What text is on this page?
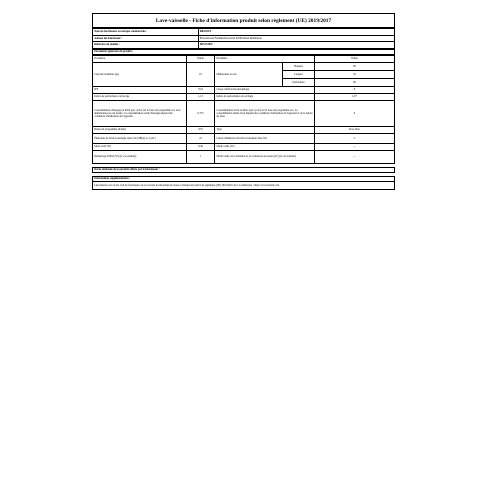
Lave-vaisselle - Fiche d'information produit selon règlement (UE) 2019/2017
Nom du fournisseur ou marque commerciale :	BRANDT
Adresse du fournisseur :	80 boulevard Franklin Roosevelt 92500 Rueil Malmaison
Référence du modèle :	BFS1010W
Paramètres généraux du produit :
Paramètre	Valeur	Paramètre		Valeur
Capacité nominale (ps)	10	Dimensions en cm	Hauteur	85
			Largeur	45
			Profondeur	60
IEE	55,9	Classe d'efficacité énergétique		E
Indice de performance de lavage	1,13	Indice de performance de séchage		1,07
Consommation d'énergie en kWh [par cycle] sur la base du programme eco avec alimentation en eau froide. La consommation réelle d'énergie dépend des conditions d'utilisation de l'appareil.	0,753	Consommation d'eau en litres [par cycle] sur la base du programme eco. La consommation réelle d'eau dépend des conditions d'utilisation de l'appareil et de la dureté de l'eau.		9
Durée du programme (h:min)	3:55	Type		Pose libre
Émissions de bruit acoustique dans l'air [dB(A) re 1 pW]	47	Classe d'émission de bruit acoustique dans l'air		C
Mode arrêt (W)	0,49	Mode veille (W)		—
Démarrage différé (W) (le cas échéant)	1	Mode veille avec maintien de la connexion au réseau (W) (le cas échéant)		—
Durée minimale de la garantie offerte par le fournisseur :
Informations supplémentaires :
Lien internet vers le site web du fournisseur où se trouvent les informations visées à l'annexe II point 6 du règlement (UE) 2019/2022 de la Commission : https://www.brandt.com
